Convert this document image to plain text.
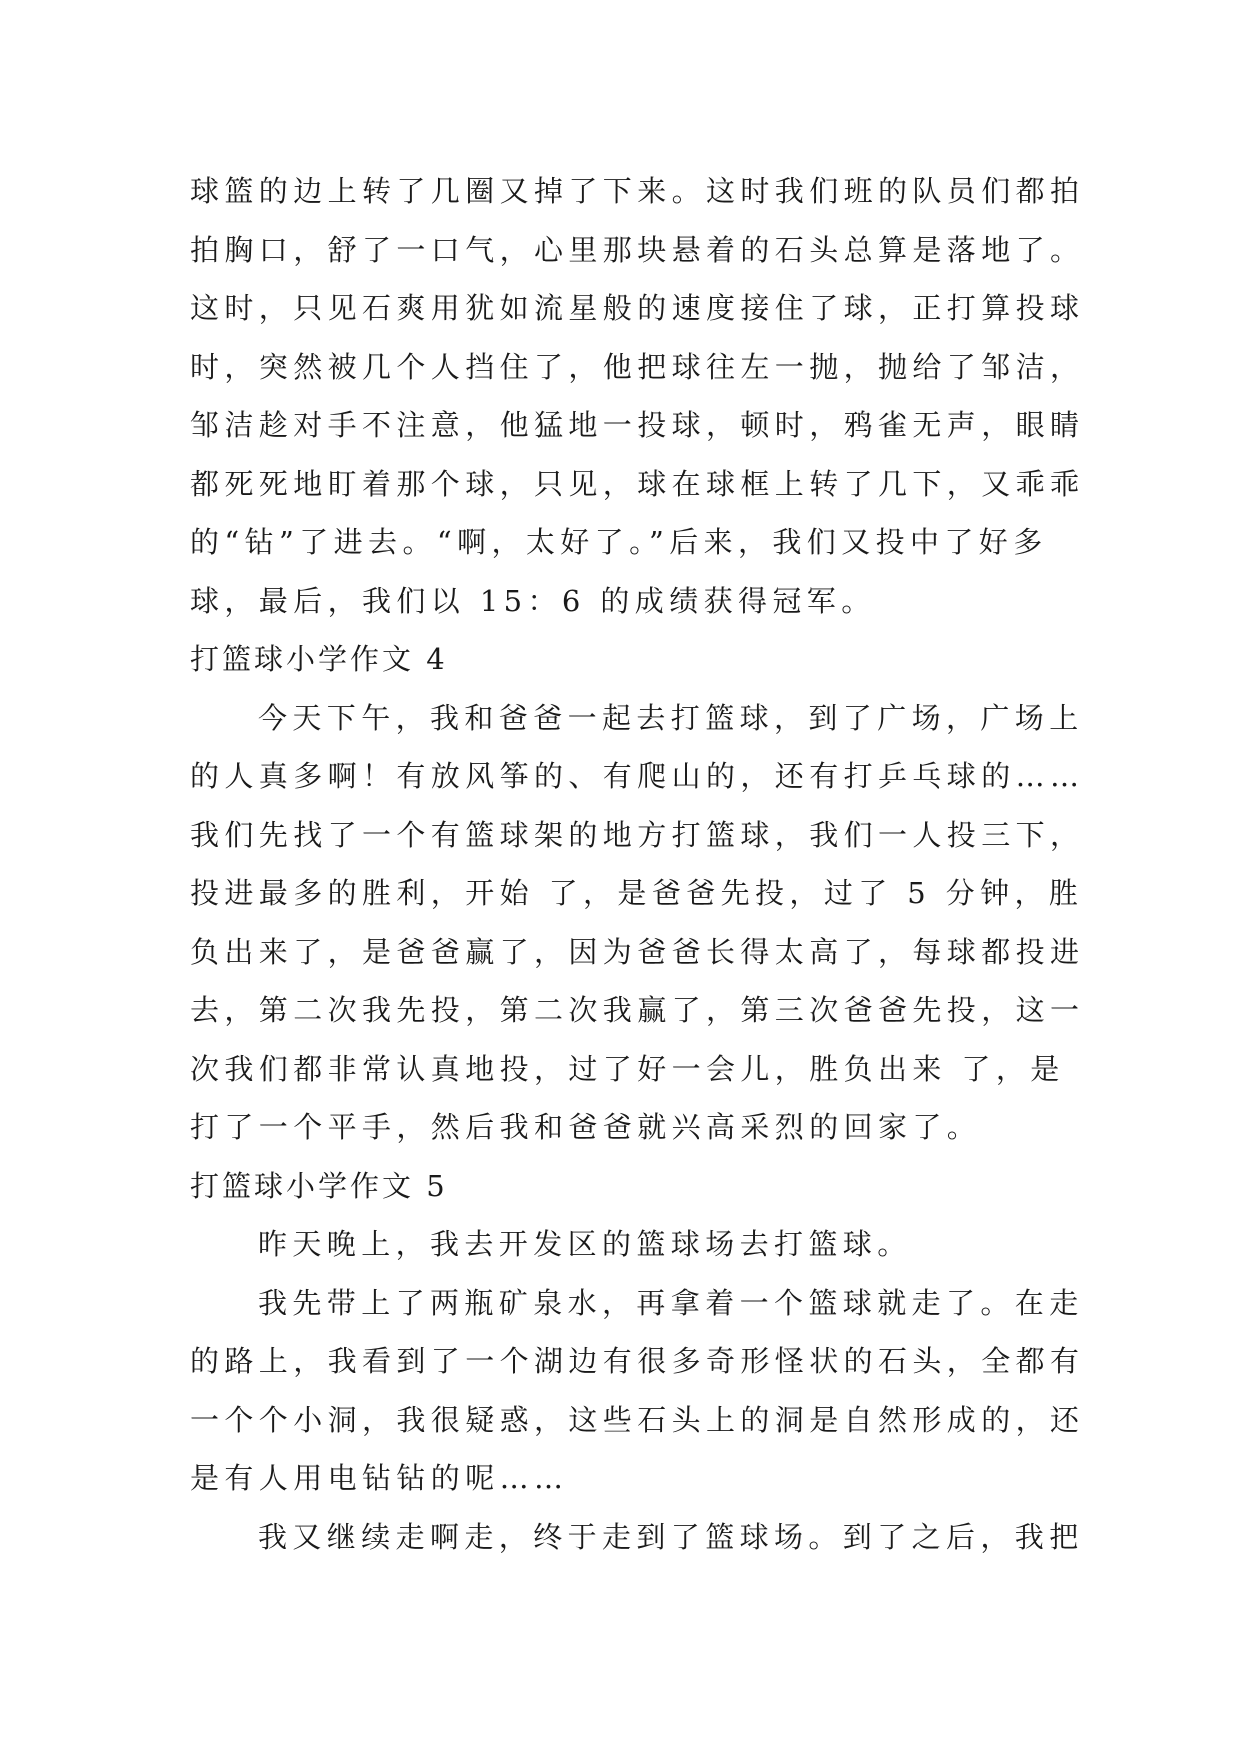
球篮的边上转了几圈又掉了下来。这时我们班的队员们都拍
拍胸口，舒了一口气，心里那块悬着的石头总算是落地了。
这时，只见石爽用犹如流星般的速度接住了球，正打算投球
时，突然被几个人挡住了，他把球往左一抛，抛给了邹洁，
邹洁趁对手不注意，他猛地一投球，顿时，鸦雀无声，眼睛
都死死地盯着那个球，只见，球在球框上转了几下，又乖乖
的“钻”了进去。“啊，太好了。”后来，我们又投中了好多
球，最后，我们以 15：6 的成绩获得冠军。
打篮球小学作文 4
今天下午，我和爸爸一起去打篮球，到了广场，广场上
的人真多啊！有放风筝的、有爬山的，还有打乒乓球的……
我们先找了一个有篮球架的地方打篮球，我们一人投三下，
投进最多的胜利，开始 了，是爸爸先投，过了 5 分钟，胜
负出来了，是爸爸赢了，因为爸爸长得太高了，每球都投进
去，第二次我先投，第二次我赢了，第三次爸爸先投，这一
次我们都非常认真地投，过了好一会儿，胜负出来 了，是
打了一个平手，然后我和爸爸就兴高采烈的回家了。
打篮球小学作文 5
昨天晚上，我去开发区的篮球场去打篮球。
我先带上了两瓶矿泉水，再拿着一个篮球就走了。在走
的路上，我看到了一个湖边有很多奇形怪状的石头，全都有
一个个小洞，我很疑惑，这些石头上的洞是自然形成的，还
是有人用电钻钻的呢……
我又继续走啊走，终于走到了篮球场。到了之后，我把
